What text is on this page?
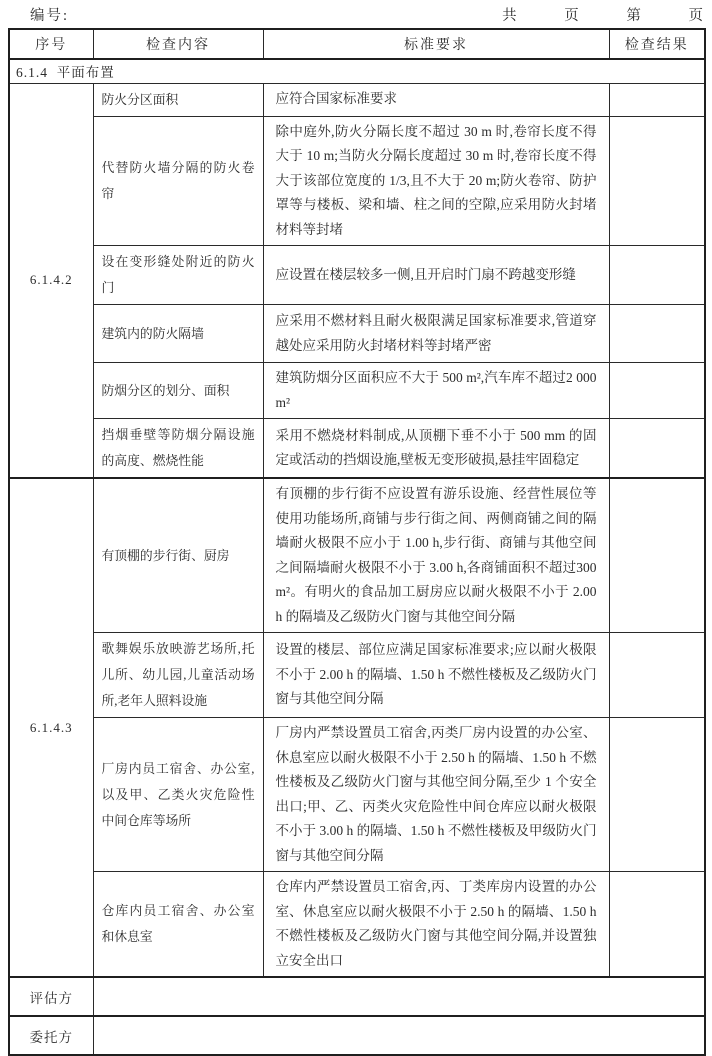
编号:	共	页	第	页
序号	检查内容	标准要求	检查结果
6.1.4  平面布置			
6.1.4.2	防火分区面积	应符合国家标准要求	
	代替防火墙分隔的防火卷帘	除中庭外,防火分隔长度不超过 30 m 时,卷帘长度不得大于 10 m;当防火分隔长度超过 30 m 时,卷帘长度不得大于该部位宽度的 1/3,且不大于 20 m;防火卷帘、防护罩等与楼板、梁和墙、柱之间的空隙,应采用防火封堵材料等封堵	
	设在变形缝处附近的防火门	应设置在楼层较多一侧,且开启时门扇不跨越变形缝	
	建筑内的防火隔墙	应采用不燃材料且耐火极限满足国家标准要求,管道穿越处应采用防火封堵材料等封堵严密	
	防烟分区的划分、面积	建筑防烟分区面积应不大于 500 m²,汽车库不超过2 000 m²	
	挡烟垂壁等防烟分隔设施的高度、燃烧性能	采用不燃烧材料制成,从顶棚下垂不小于 500 mm 的固定或活动的挡烟设施,壁板无变形破损,悬挂牢固稳定	
6.1.4.3	有顶棚的步行街、厨房	有顶棚的步行街不应设置有游乐设施、经营性展位等使用功能场所,商铺与步行街之间、两侧商铺之间的隔墙耐火极限不应小于 1.00 h,步行街、商铺与其他空间之间隔墙耐火极限不小于 3.00 h,各商铺面积不超过300 m²。有明火的食品加工厨房应以耐火极限不小于 2.00 h 的隔墙及乙级防火门窗与其他空间分隔	
	歌舞娱乐放映游艺场所,托儿所、幼儿园,儿童活动场所,老年人照料设施	设置的楼层、部位应满足国家标准要求;应以耐火极限不小于 2.00 h 的隔墙、1.50 h 不燃性楼板及乙级防火门窗与其他空间分隔	
	厂房内员工宿舍、办公室,以及甲、乙类火灾危险性中间仓库等场所	厂房内严禁设置员工宿舍,丙类厂房内设置的办公室、休息室应以耐火极限不小于 2.50 h 的隔墙、1.50 h 不燃性楼板及乙级防火门窗与其他空间分隔,至少 1 个安全出口;甲、乙、丙类火灾危险性中间仓库应以耐火极限不小于 3.00 h 的隔墙、1.50 h 不燃性楼板及甲级防火门窗与其他空间分隔	
	仓库内员工宿舍、办公室和休息室	仓库内严禁设置员工宿舍,丙、丁类库房内设置的办公室、休息室应以耐火极限不小于 2.50 h 的隔墙、1.50 h 不燃性楼板及乙级防火门窗与其他空间分隔,并设置独立安全出口	
评估方			
委托方			
